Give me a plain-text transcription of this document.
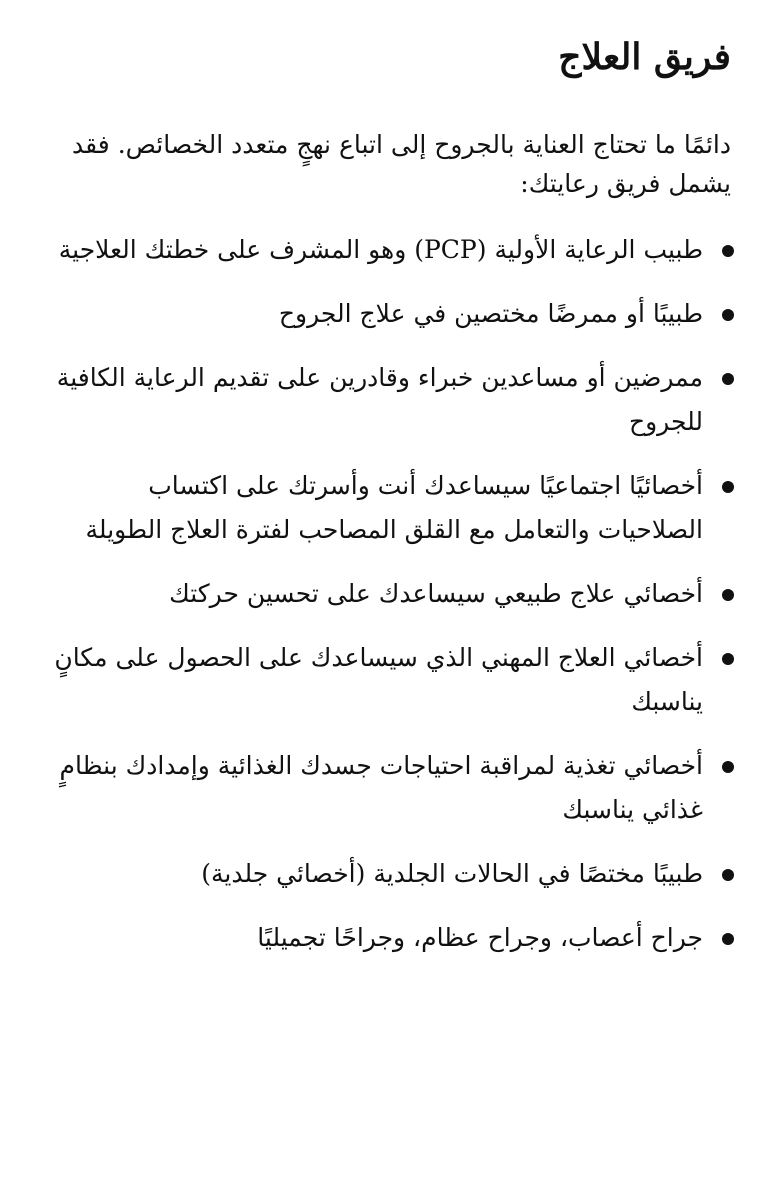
فريق العلاج

دائمًا ما تحتاج العناية بالجروح إلى اتباع نهجٍ متعدد الخصائص. فقد يشمل فريق رعايتك:

طبيب الرعاية الأولية (PCP) وهو المشرف على خطتك العلاجية
طبيبًا أو ممرضًا مختصين في علاج الجروح
ممرضين أو مساعدين خبراء وقادرين على تقديم الرعاية الكافية للجروح
أخصائيًا اجتماعيًا سيساعدك أنت وأسرتك على اكتساب الصلاحيات والتعامل مع القلق المصاحب لفترة العلاج الطويلة
أخصائي علاج طبيعي سيساعدك على تحسين حركتك
أخصائي العلاج المهني الذي سيساعدك على الحصول على مكانٍ يناسبك
أخصائي تغذية لمراقبة احتياجات جسدك الغذائية وإمدادك بنظامٍ غذائي يناسبك
طبيبًا مختصًا في الحالات الجلدية (أخصائي جلدية)
جراح أعصاب، وجراح عظام، وجراحًا تجميليًا
